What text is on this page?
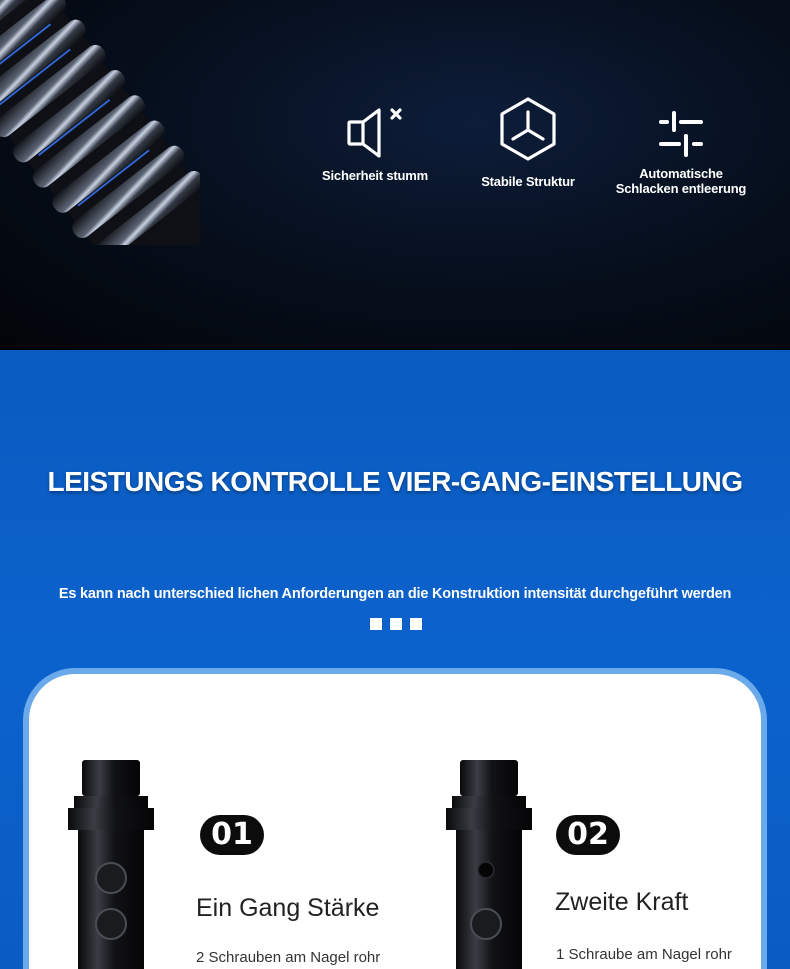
Sicherheit stumm	Stabile Struktur
Automatische
Schlacken entleerung
LEISTUNGS KONTROLLE VIER-GANG-EINSTELLUNG

Es kann nach unterschied lichen Anforderungen an die Konstruktion intensität durchgeführt werden

01
Ein Gang Stärke
2 Schrauben am Nagel rohr
02
Zweite Kraft
1 Schraube am Nagel rohr
